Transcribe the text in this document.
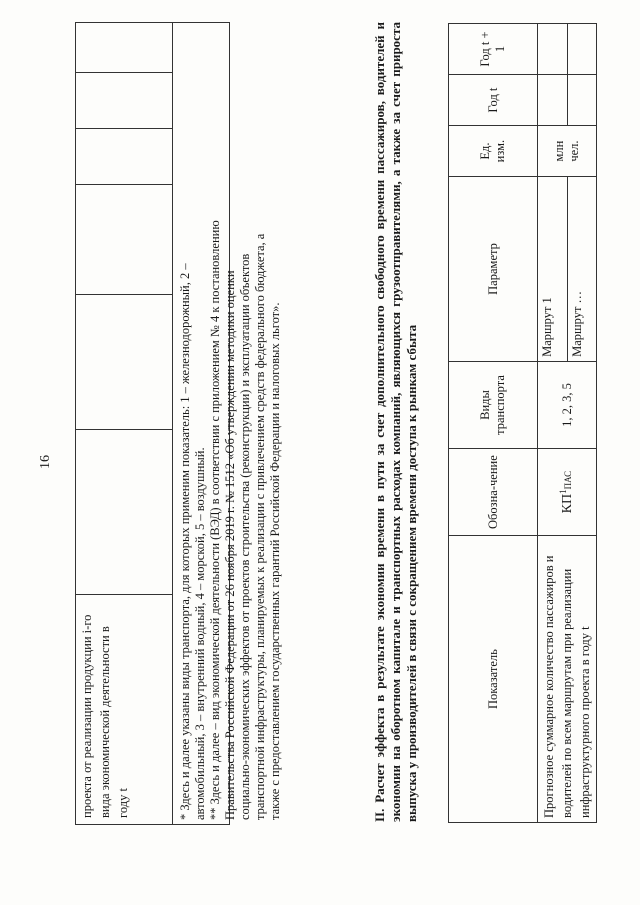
16
проекта от реализации продукции i-го вида экономической деятельности в году t
							* Здесь и далее указаны виды транспорта, для которых применим показатель: 1 – железнодорожный, 2 – автомобильный, 3 – внутренний водный, 4 – морской, 5 – воздушный. ** Здесь и далее – вид экономической деятельности (ВЭД) в соответствии с приложением № 4 к постановлению Правительства Российской Федерации от 26 ноября 2019 г. № 1512 «Об утверждении методики оценки социально-экономических эффектов от проектов строительства (реконструкции) и эксплуатации объектов транспортной инфраструктуры, планируемых к реализации с привлечением средств федерального бюджета, а также с предоставлением государственных гарантий Российской Федерации и налоговых льгот».	II. Расчет эффекта в результате экономии времени в пути за счет дополнительного свободного времени пассажиров, водителей и экономии на оборотном капитале и транспортных расходах компаний, являющихся грузоотправителями, а также за счет прироста выпуска у производителей в связи с сокращением времени доступа к рынкам сбыта	Показатель	Обозна-чение	Виды транспорта	Параметр	Ед. изм.	Год t	Год t + 1
Прогнозное суммарное количество пассажиров и водителей по всем маршрутам при реализации инфраструктурного проекта в году t	$КП^1ПАС$	1, 2, 3, 5	Маршрут 1	млн чел.		
			Маршрут …			
